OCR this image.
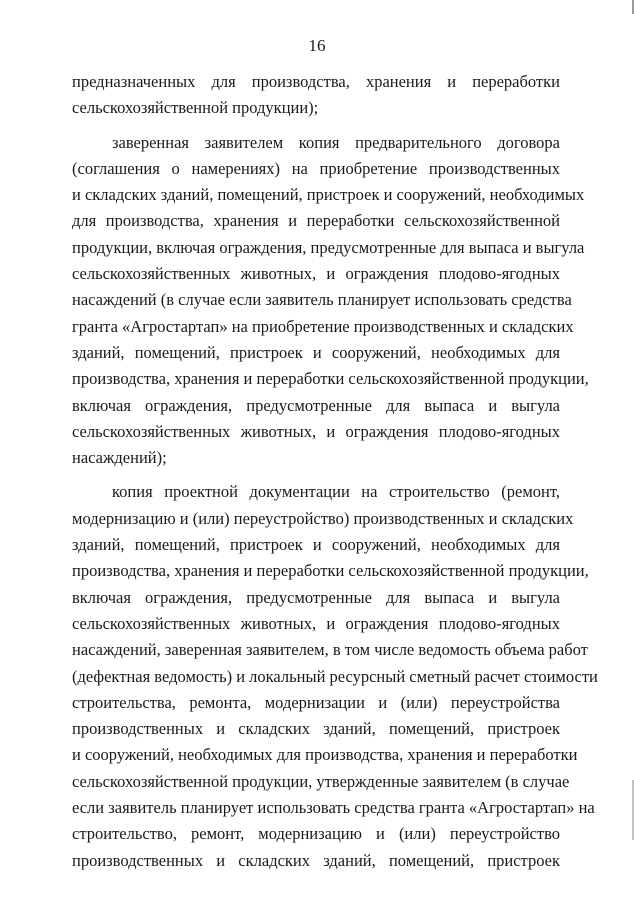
16
предназначенных для производства, хранения и переработки
сельскохозяйственной продукции);
заверенная заявителем копия предварительного договора
(соглашения о намерениях) на приобретение производственных
и складских зданий, помещений, пристроек и сооружений, необходимых
для производства, хранения и переработки сельскохозяйственной
продукции, включая ограждения, предусмотренные для выпаса и выгула
сельскохозяйственных животных, и ограждения плодово-ягодных
насаждений (в случае если заявитель планирует использовать средства
гранта «Агростартап» на приобретение производственных и складских
зданий, помещений, пристроек и сооружений, необходимых для
производства, хранения и переработки сельскохозяйственной продукции,
включая ограждения, предусмотренные для выпаса и выгула
сельскохозяйственных животных, и ограждения плодово-ягодных
насаждений);
копия проектной документации на строительство (ремонт,
модернизацию и (или) переустройство) производственных и складских
зданий, помещений, пристроек и сооружений, необходимых для
производства, хранения и переработки сельскохозяйственной продукции,
включая ограждения, предусмотренные для выпаса и выгула
сельскохозяйственных животных, и ограждения плодово-ягодных
насаждений, заверенная заявителем, в том числе ведомость объема работ
(дефектная ведомость) и локальный ресурсный сметный расчет стоимости
строительства, ремонта, модернизации и (или) переустройства
производственных и складских зданий, помещений, пристроек
и сооружений, необходимых для производства, хранения и переработки
сельскохозяйственной продукции, утвержденные заявителем (в случае
если заявитель планирует использовать средства гранта «Агростартап» на
строительство, ремонт, модернизацию и (или) переустройство
производственных и складских зданий, помещений, пристроек
